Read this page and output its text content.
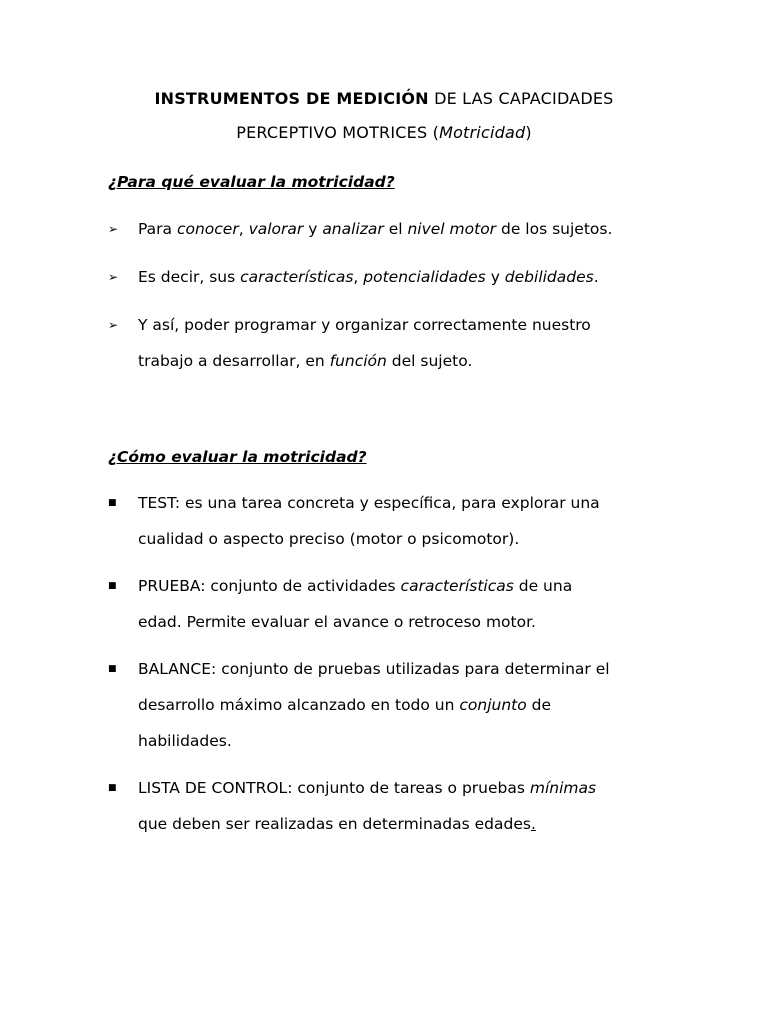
INSTRUMENTOS DE MEDICIÓN DE LAS CAPACIDADES
PERCEPTIVO MOTRICES (Motricidad)
¿Para qué evaluar la motricidad?
➢	Para conocer, valorar y analizar el nivel motor de los sujetos.
➢	Es decir, sus características, potencialidades y debilidades.
➢	Y así, poder programar y organizar correctamente nuestro
trabajo a desarrollar, en función del sujeto.
¿Cómo evaluar la motricidad?
■	TEST: es una tarea concreta y específica, para explorar una
cualidad o aspecto preciso (motor o psicomotor).
■	PRUEBA: conjunto de actividades características de una
edad. Permite evaluar el avance o retroceso motor.
■	BALANCE: conjunto de pruebas utilizadas para determinar el
desarrollo máximo alcanzado en todo un conjunto de
habilidades.
■	LISTA DE CONTROL: conjunto de tareas o pruebas mínimas
que deben ser realizadas en determinadas edades.
